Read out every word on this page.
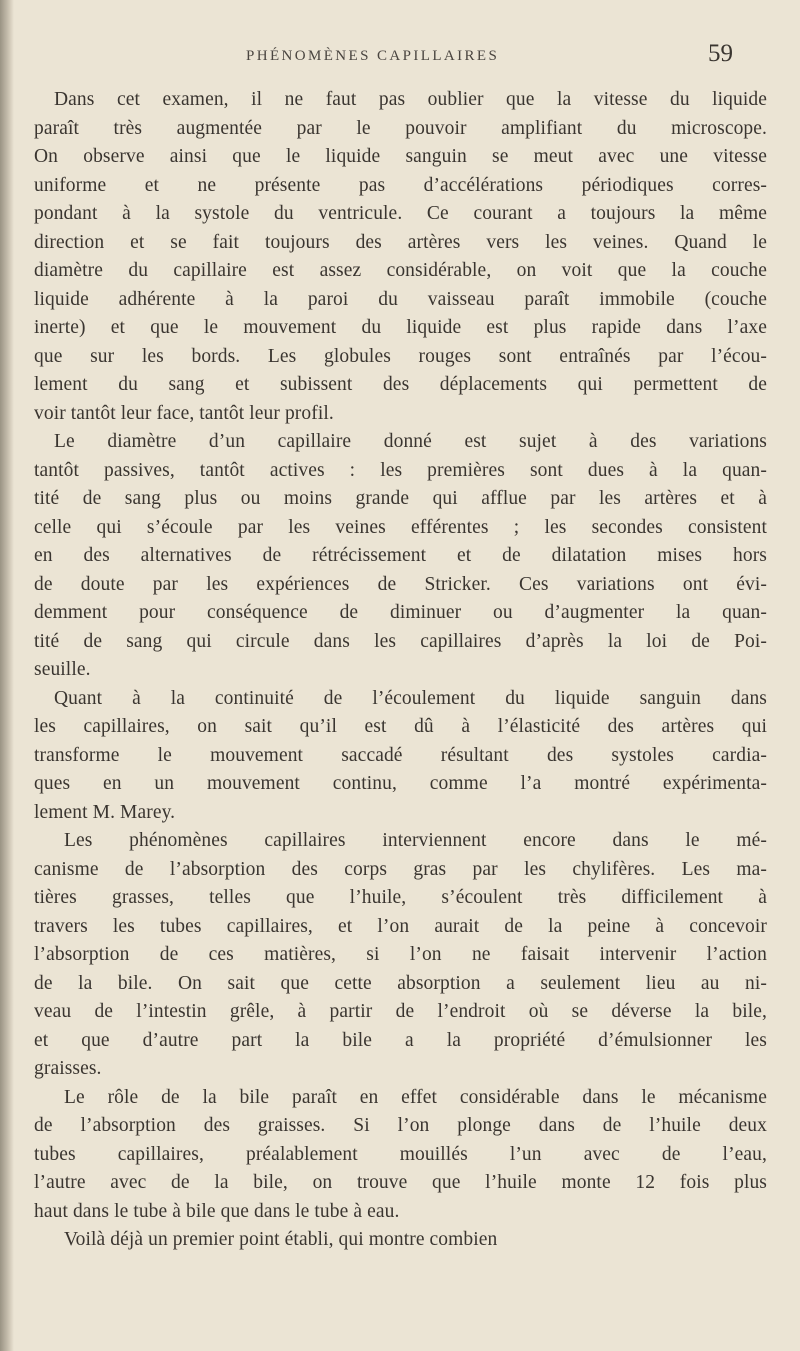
PHÉNOMÈNES CAPILLAIRES	59
Dans cet examen, il ne faut pas oublier que la vitesse du liquide
paraît très augmentée par le pouvoir amplifiant du microscope.
On observe ainsi que le liquide sanguin se meut avec une vitesse
uniforme et ne présente pas d’accélérations périodiques corres-
pondant à la systole du ventricule. Ce courant a toujours la même
direction et se fait toujours des artères vers les veines. Quand le
diamètre du capillaire est assez considérable, on voit que la couche
liquide adhérente à la paroi du vaisseau paraît immobile (couche
inerte) et que le mouvement du liquide est plus rapide dans l’axe
que sur les bords. Les globules rouges sont entraînés par l’écou-
lement du sang et subissent des déplacements qui permettent de
voir tantôt leur face, tantôt leur profil.
Le diamètre d’un capillaire donné est sujet à des variations
tantôt passives, tantôt actives : les premières sont dues à la quan-
tité de sang plus ou moins grande qui afflue par les artères et à
celle qui s’écoule par les veines efférentes ; les secondes consistent
en des alternatives de rétrécissement et de dilatation mises hors
de doute par les expériences de Stricker. Ces variations ont évi-
demment pour conséquence de diminuer ou d’augmenter la quan-
tité de sang qui circule dans les capillaires d’après la loi de Poi-
seuille.
Quant à la continuité de l’écoulement du liquide sanguin dans
les capillaires, on sait qu’il est dû à l’élasticité des artères qui
transforme le mouvement saccadé résultant des systoles cardia-
ques en un mouvement continu, comme l’a montré expérimenta-
lement M. Marey.
Les phénomènes capillaires interviennent encore dans le mé-
canisme de l’absorption des corps gras par les chylifères. Les ma-
tières grasses, telles que l’huile, s’écoulent très difficilement à
travers les tubes capillaires, et l’on aurait de la peine à concevoir
l’absorption de ces matières, si l’on ne faisait intervenir l’action
de la bile. On sait que cette absorption a seulement lieu au ni-
veau de l’intestin grêle, à partir de l’endroit où se déverse la bile,
et que d’autre part la bile a la propriété d’émulsionner les
graisses.
Le rôle de la bile paraît en effet considérable dans le mécanisme
de l’absorption des graisses. Si l’on plonge dans de l’huile deux
tubes capillaires, préalablement mouillés l’un avec de l’eau,
l’autre avec de la bile, on trouve que l’huile monte 12 fois plus
haut dans le tube à bile que dans le tube à eau.
Voilà déjà un premier point établi, qui montre combien
